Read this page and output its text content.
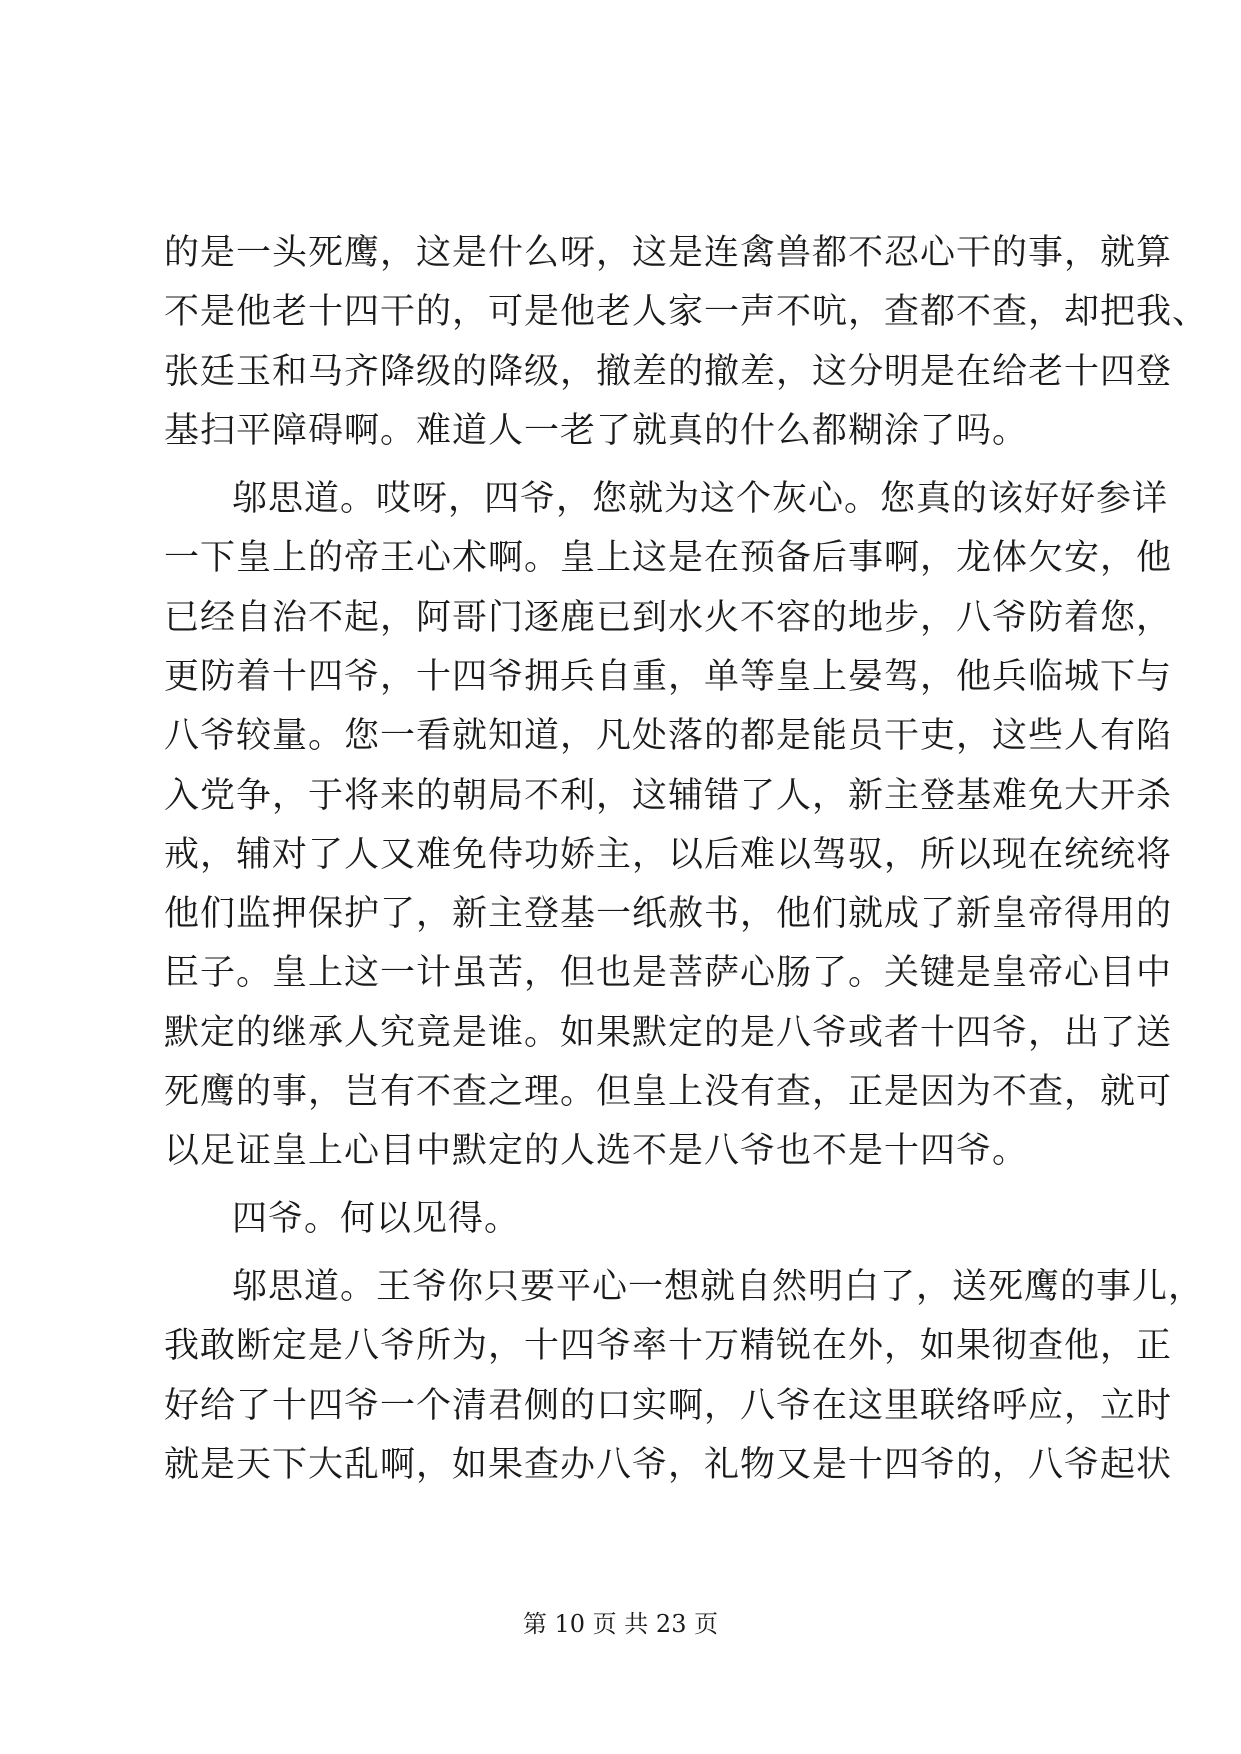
的是一头死鹰，这是什么呀，这是连禽兽都不忍心干的事，就算
不是他老十四干的，可是他老人家一声不吭，查都不查，却把我、
张廷玉和马齐降级的降级，撤差的撤差，这分明是在给老十四登
基扫平障碍啊。难道人一老了就真的什么都糊涂了吗。
邬思道。哎呀，四爷，您就为这个灰心。您真的该好好参详
一下皇上的帝王心术啊。皇上这是在预备后事啊，龙体欠安，他
已经自治不起，阿哥门逐鹿已到水火不容的地步，八爷防着您，
更防着十四爷，十四爷拥兵自重，单等皇上晏驾，他兵临城下与
八爷较量。您一看就知道，凡处落的都是能员干吏，这些人有陷
入党争，于将来的朝局不利，这辅错了人，新主登基难免大开杀
戒，辅对了人又难免侍功娇主，以后难以驾驭，所以现在统统将
他们监押保护了，新主登基一纸赦书，他们就成了新皇帝得用的
臣子。皇上这一计虽苦，但也是菩萨心肠了。关键是皇帝心目中
默定的继承人究竟是谁。如果默定的是八爷或者十四爷，出了送
死鹰的事，岂有不查之理。但皇上没有查，正是因为不查，就可
以足证皇上心目中默定的人选不是八爷也不是十四爷。
四爷。何以见得。
邬思道。王爷你只要平心一想就自然明白了，送死鹰的事儿，
我敢断定是八爷所为，十四爷率十万精锐在外，如果彻查他，正
好给了十四爷一个清君侧的口实啊，八爷在这里联络呼应，立时
就是天下大乱啊，如果查办八爷，礼物又是十四爷的，八爷起状
第 10 页 共 23 页
